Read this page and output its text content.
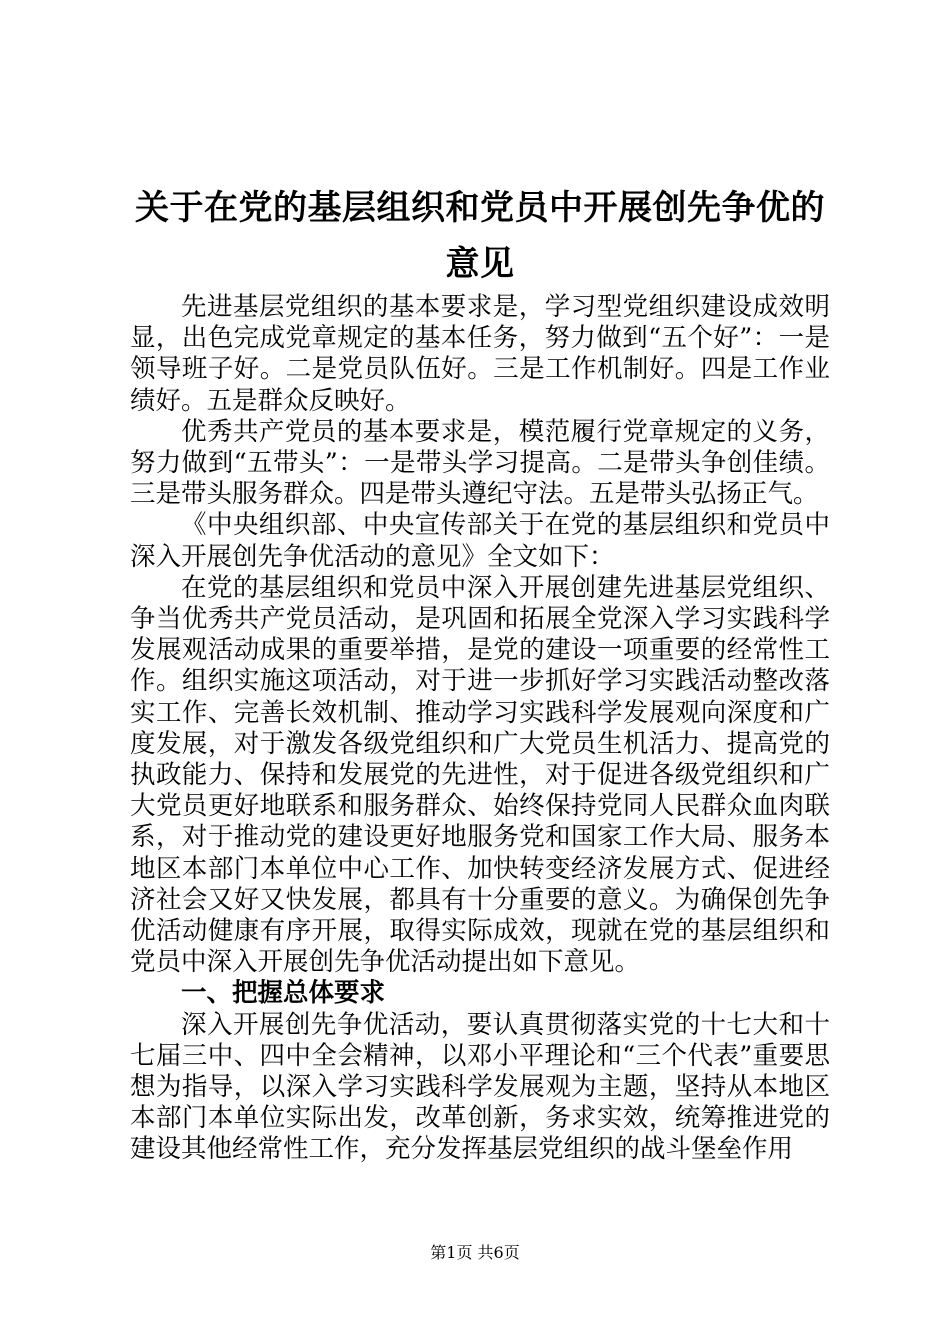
关于在党的基层组织和党员中开展创先争优的
意见

先进基层党组织的基本要求是，学习型党组织建设成效明显，出色完成党章规定的基本任务，努力做到“五个好”：一是领导班子好。二是党员队伍好。三是工作机制好。四是工作业绩好。五是群众反映好。

优秀共产党员的基本要求是，模范履行党章规定的义务，努力做到“五带头”：一是带头学习提高。二是带头争创佳绩。三是带头服务群众。四是带头遵纪守法。五是带头弘扬正气。

《中央组织部、中央宣传部关于在党的基层组织和党员中深入开展创先争优活动的意见》全文如下：

在党的基层组织和党员中深入开展创建先进基层党组织、争当优秀共产党员活动，是巩固和拓展全党深入学习实践科学发展观活动成果的重要举措，是党的建设一项重要的经常性工作。组织实施这项活动，对于进一步抓好学习实践活动整改落实工作、完善长效机制、推动学习实践科学发展观向深度和广度发展，对于激发各级党组织和广大党员生机活力、提高党的执政能力、保持和发展党的先进性，对于促进各级党组织和广大党员更好地联系和服务群众、始终保持党同人民群众血肉联系，对于推动党的建设更好地服务党和国家工作大局、服务本地区本部门本单位中心工作、加快转变经济发展方式、促进经济社会又好又快发展，都具有十分重要的意义。为确保创先争优活动健康有序开展，取得实际成效，现就在党的基层组织和党员中深入开展创先争优活动提出如下意见。

一、把握总体要求

深入开展创先争优活动，要认真贯彻落实党的十七大和十七届三中、四中全会精神，以邓小平理论和“三个代表”重要思想为指导，以深入学习实践科学发展观为主题，坚持从本地区本部门本单位实际出发，改革创新，务求实效，统筹推进党的建设其他经常性工作，充分发挥基层党组织的战斗堡垒作用

第1页 共6页
